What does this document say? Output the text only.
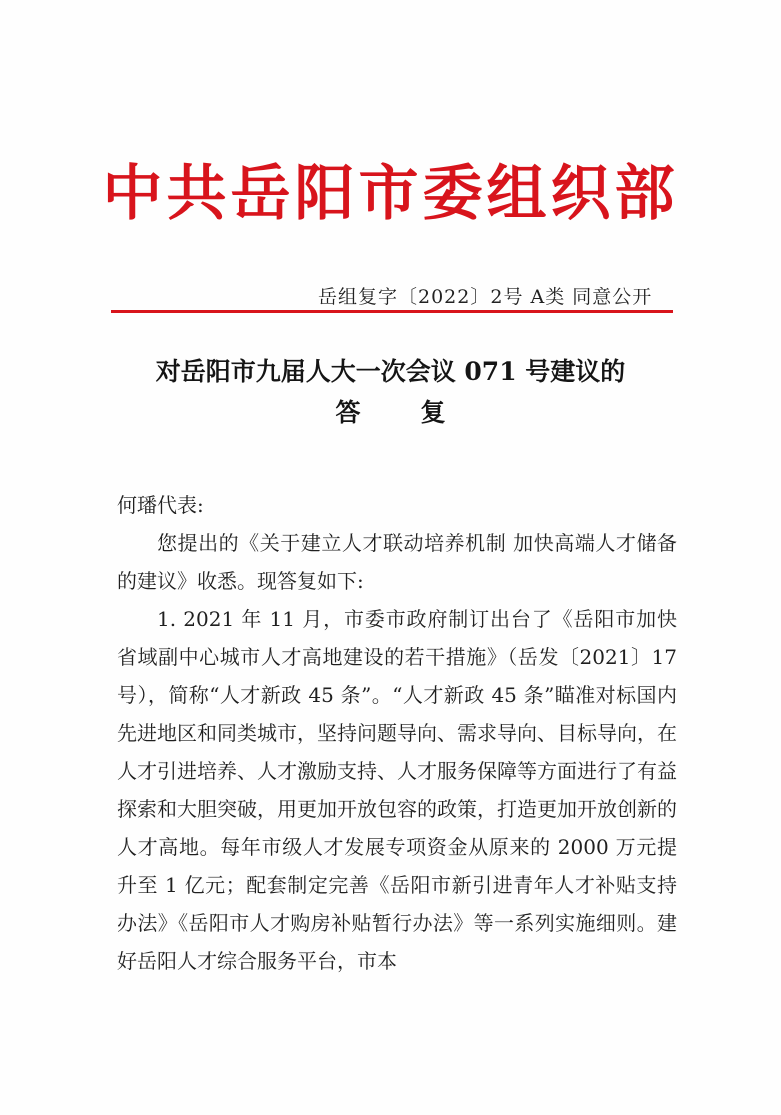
中共岳阳市委组织部
岳组复字〔2022〕2号 A类 同意公开
对岳阳市九届人大一次会议 071 号建议的
答 复

何璠代表:

您提出的《关于建立人才联动培养机制 加快高端人才储备的建议》收悉。现答复如下:

1. 2021 年 11 月，市委市政府制订出台了《岳阳市加快省域副中心城市人才高地建设的若干措施》（岳发〔2021〕17 号），简称“人才新政 45 条”。“人才新政 45 条”瞄准对标国内先进地区和同类城市，坚持问题导向、需求导向、目标导向，在人才引进培养、人才激励支持、人才服务保障等方面进行了有益探索和大胆突破，用更加开放包容的政策，打造更加开放创新的人才高地。每年市级人才发展专项资金从原来的 2000 万元提升至 1 亿元；配套制定完善《岳阳市新引进青年人才补贴支持办法》《岳阳市人才购房补贴暂行办法》等一系列实施细则。建好岳阳人才综合服务平台，市本
